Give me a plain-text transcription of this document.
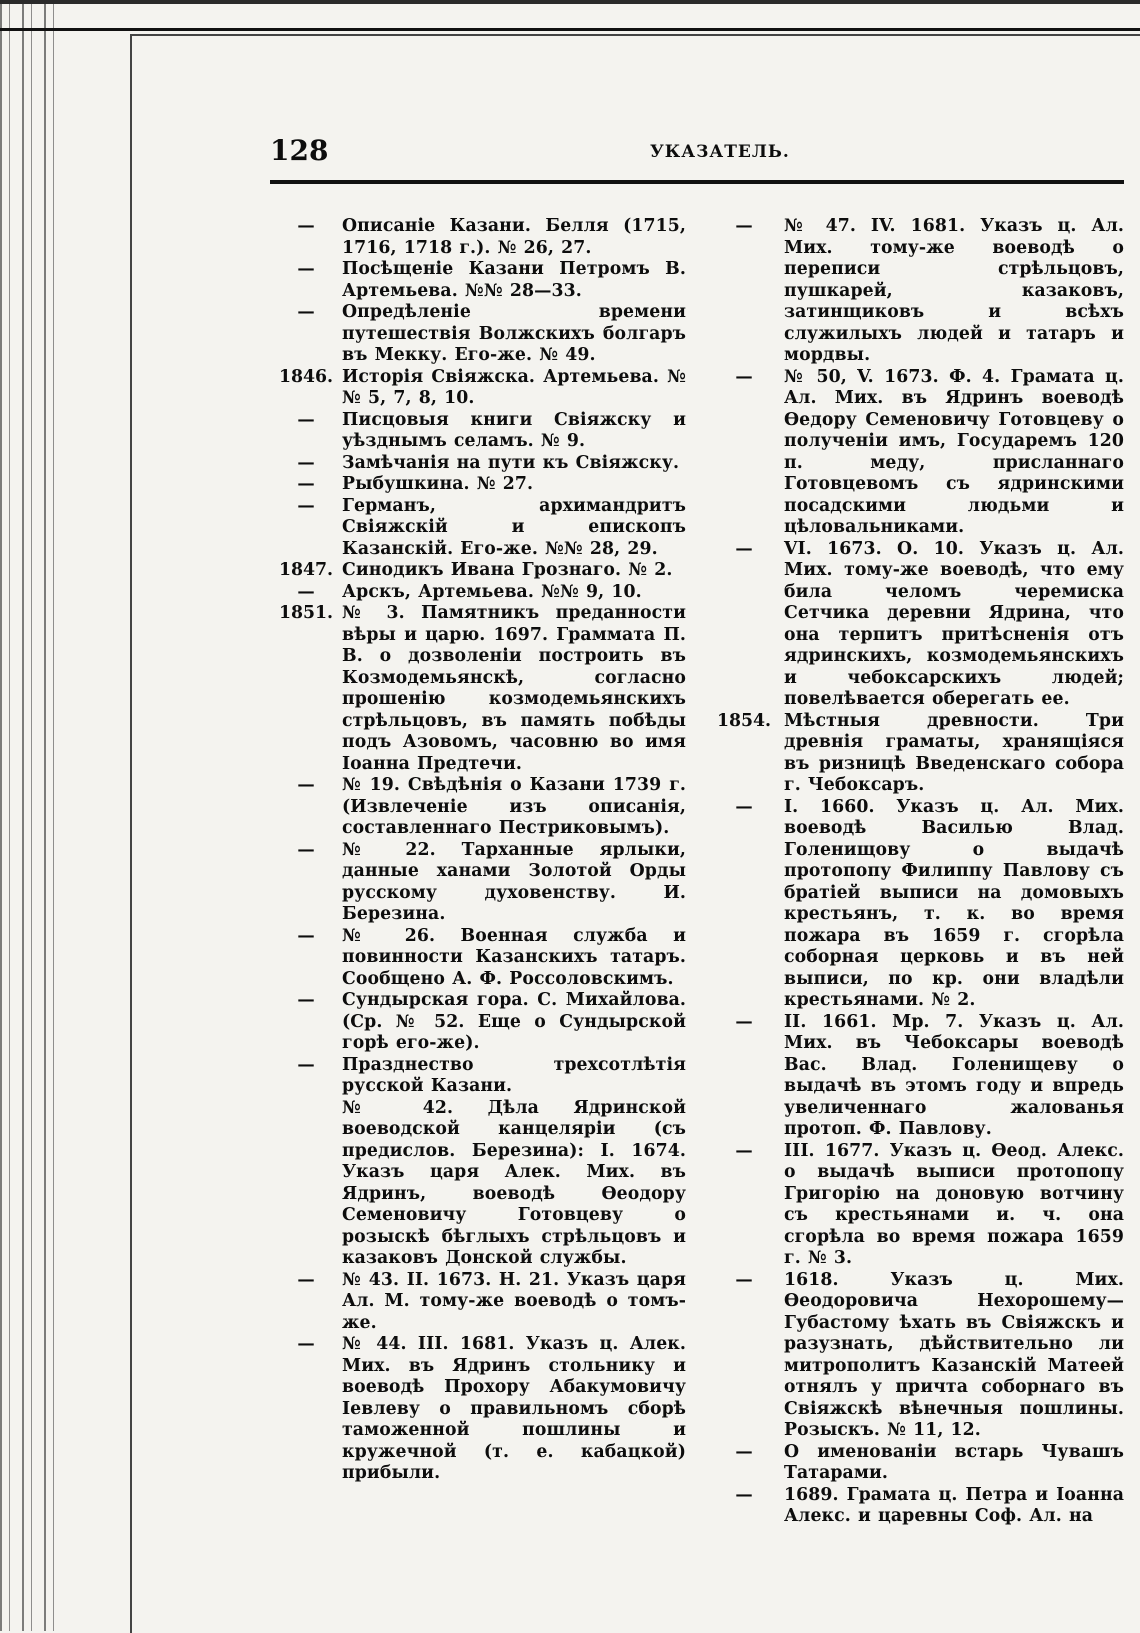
128	УКАЗАТЕЛЬ.
—	Описаніе Казани. Белля (1715, 1716, 1718 г.). № 26, 27.
—	Посѣщеніе Казани Петромъ В. Артемьева. №№ 28—33.
—	Опредѣленіе времени путешествія Волжскихъ болгаръ въ Мекку. Его-же. № 49.
1846. Исторія Свіяжска. Артемьева. №№ 5, 7, 8, 10.
—	Писцовыя книги Свіяжску и уѣзднымъ селамъ. № 9.
—	Замѣчанія на пути къ Свіяжску.
—	Рыбушкина. № 27.
—	Германъ, архимандритъ Свіяжскій и епископъ Казанскій. Его-же. №№ 28, 29.
1847. Синодикъ Ивана Грознаго. № 2.
—	Арскъ, Артемьева. №№ 9, 10.
1851. № 3. Памятникъ преданности вѣры и царю. 1697. Граммата П. В. о дозволеніи построить въ Козмодемьянскѣ, согласно прошенію козмодемьянскихъ стрѣльцовъ, въ память побѣды подъ Азовомъ, часовню во имя Іоанна Предтечи.
—	№ 19. Свѣдѣнія о Казани 1739 г. (Извлеченіе изъ описанія, составленнаго Пестриковымъ).
—	№ 22. Тарханные ярлыки, данные ханами Золотой Орды русскому духовенству. И. Березина.
—	№ 26. Военная служба и повинности Казанскихъ татаръ. Сообщено А. Ф. Россоловскимъ.
—	Сундырская гора. С. Михайлова. (Ср. № 52. Еще о Сундырской горѣ его-же).
—	Празднество трехсотлѣтія русской Казани.
№ 42. Дѣла Ядринской воеводской канцеляріи (съ предислов. Березина): I. 1674. Указъ царя Алек. Мих. въ Ядринъ, воеводѣ Ѳеодору Семеновичу Готовцеву о розыскѣ бѣглыхъ стрѣльцовъ и казаковъ Донской службы.
—	№ 43. II. 1673. Н. 21. Указъ царя Ал. М. тому-же воеводѣ о томъ-же.
—	№ 44. III. 1681. Указъ ц. Алек. Мих. въ Ядринъ стольнику и воеводѣ Прохору Абакумовичу Іевлеву о правильномъ сборѣ таможенной пошлины и кружечной (т. е. кабацкой) прибыли.
—	№ 47. IV. 1681. Указъ ц. Ал. Мих. тому-же воеводѣ о переписи стрѣльцовъ, пушкарей, казаковъ, затинщиковъ и всѣхъ служилыхъ людей и татаръ и мордвы.
—	№ 50, V. 1673. Ф. 4. Грамата ц. Ал. Мих. въ Ядринъ воеводѣ Ѳедору Семеновичу Готовцеву о полученіи имъ, Государемъ 120 п. меду, присланнаго Готовцевомъ съ ядринскими посадскими людьми и цѣловальниками.
—	VI. 1673. О. 10. Указъ ц. Ал. Мих. тому-же воеводѣ, что ему била челомъ черемиска Сетчика деревни Ядрина, что она терпитъ притѣсненія отъ ядринскихъ, козмодемьянскихъ и чебоксарскихъ людей; повелѣвается оберегать ее.
1854. Мѣстныя древности. Три древнія граматы, хранящіяся въ ризницѣ Введенскаго собора г. Чебоксаръ.
—	I. 1660. Указъ ц. Ал. Мих. воеводѣ Василью Влад. Голенищову о выдачѣ протопопу Филиппу Павлову съ братіей выписи на домовыхъ крестьянъ, т. к. во время пожара въ 1659 г. сгорѣла соборная церковь и въ ней выписи, по кр. они владѣли крестьянами. № 2.
—	II. 1661. Мр. 7. Указъ ц. Ал. Мих. въ Чебоксары воеводѣ Вас. Влад. Голенищеву о выдачѣ въ этомъ году и впредь увеличеннаго жалованья протоп. Ф. Павлову.
—	III. 1677. Указъ ц. Ѳеод. Алекс. о выдачѣ выписи протопопу Григорію на доновую вотчину съ крестьянами и. ч. она сгорѣла во время пожара 1659 г. № 3.
—	1618. Указъ ц. Мих. Ѳеодоровича Нехорошему—Губастому ѣхать въ Свіяжскъ и разузнать, дѣйствительно ли митрополитъ Казанскій Матеей отнялъ у причта соборнаго въ Свіяжскѣ вѣнечныя пошлины. Розыскъ. № 11, 12.
—	О именованіи встарь Чувашъ Татарами.
—	1689. Грамата ц. Петра и Іоанна Алекс. и царевны Соф. Ал. на
